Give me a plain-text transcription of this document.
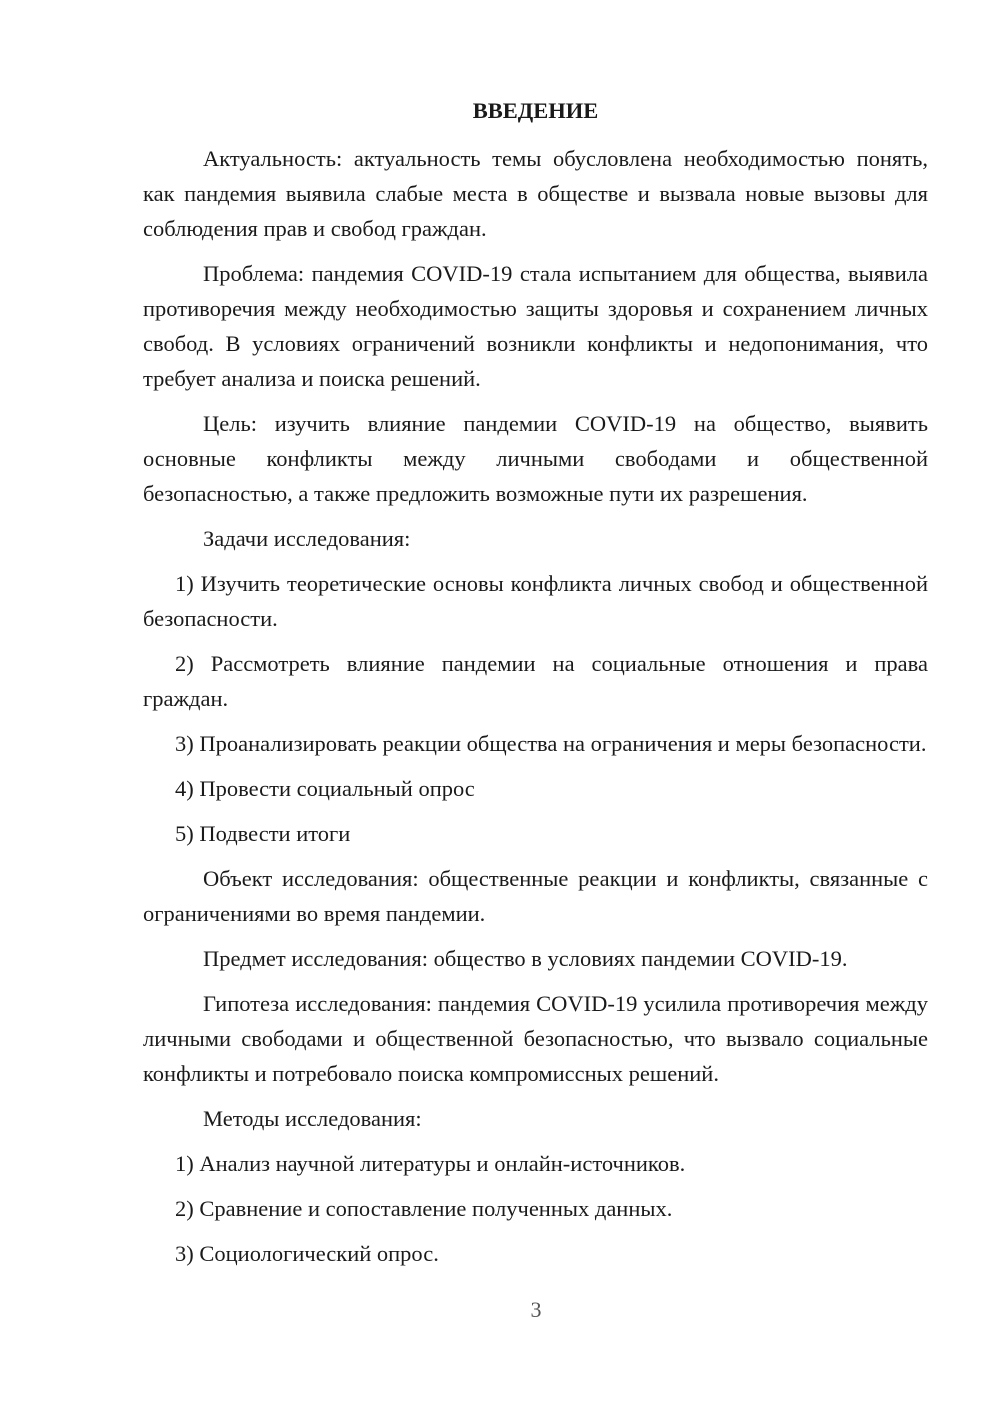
ВВЕДЕНИЕ

Актуальность: актуальность темы обусловлена необходимостью понять, как пандемия выявила слабые места в обществе и вызвала новые вызовы для соблюдения прав и свобод граждан.

Проблема: пандемия COVID-19 стала испытанием для общества, выявила противоречия между необходимостью защиты здоровья и сохранением личных свобод. В условиях ограничений возникли конфликты и недопонимания, что требует анализа и поиска решений.

Цель: изучить влияние пандемии COVID-19 на общество, выявить основные конфликты между личными свободами и общественной безопасностью, а также предложить возможные пути их разрешения.

Задачи исследования:

1) Изучить теоретические основы конфликта личных свобод и общественной безопасности.

2) Рассмотреть влияние пандемии на социальные отношения и права граждан.

3) Проанализировать реакции общества на ограничения и меры безопасности.

4) Провести социальный опрос

5) Подвести итоги

Объект исследования: общественные реакции и конфликты, связанные с ограничениями во время пандемии.

Предмет исследования: общество в условиях пандемии COVID-19.

Гипотеза исследования: пандемия COVID-19 усилила противоречия между личными свободами и общественной безопасностью, что вызвало социальные конфликты и потребовало поиска компромиссных решений.

Методы исследования:

1) Анализ научной литературы и онлайн-источников.

2) Сравнение и сопоставление полученных данных.

3) Социологический опрос.

3
